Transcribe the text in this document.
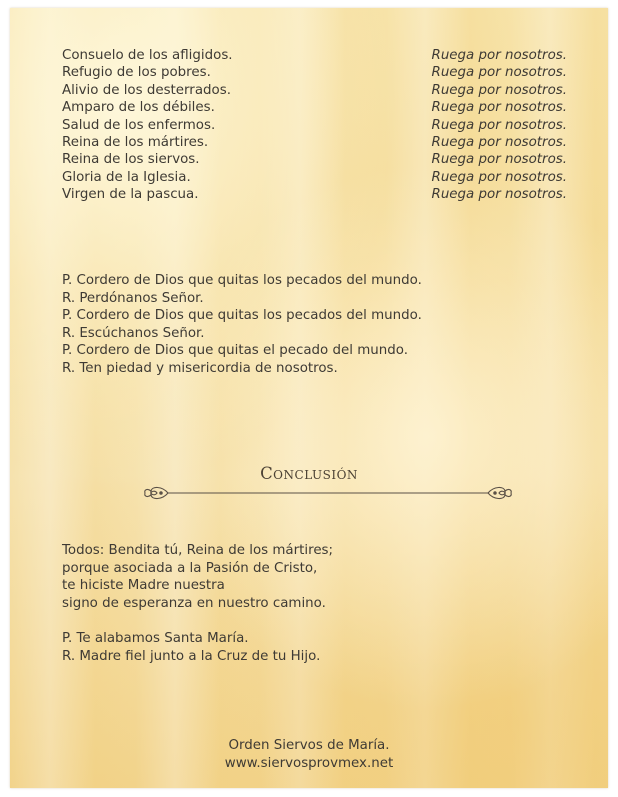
Consuelo de los afligidos.	Ruega por nosotros.
Refugio de los pobres.	Ruega por nosotros.
Alivio de los desterrados.	Ruega por nosotros.
Amparo de los débiles.	Ruega por nosotros.
Salud de los enfermos.	Ruega por nosotros.
Reina de los mártires.	Ruega por nosotros.
Reina de los siervos.	Ruega por nosotros.
Gloria de la Iglesia.	Ruega por nosotros.
Virgen de la pascua.	Ruega por nosotros.
P. Cordero de Dios que quitas los pecados del mundo.
R. Perdónanos Señor.
P. Cordero de Dios que quitas los pecados del mundo.
R. Escúchanos Señor.
P. Cordero de Dios que quitas el pecado del mundo.
R. Ten piedad y misericordia de nosotros.
Conclusión
Todos: Bendita tú, Reina de los mártires;
porque asociada a la Pasión de Cristo,
te hiciste Madre nuestra
signo de esperanza en nuestro camino.
P. Te alabamos Santa María.
R. Madre fiel junto a la Cruz de tu Hijo.
Orden Siervos de María.
www.siervosprovmex.net
